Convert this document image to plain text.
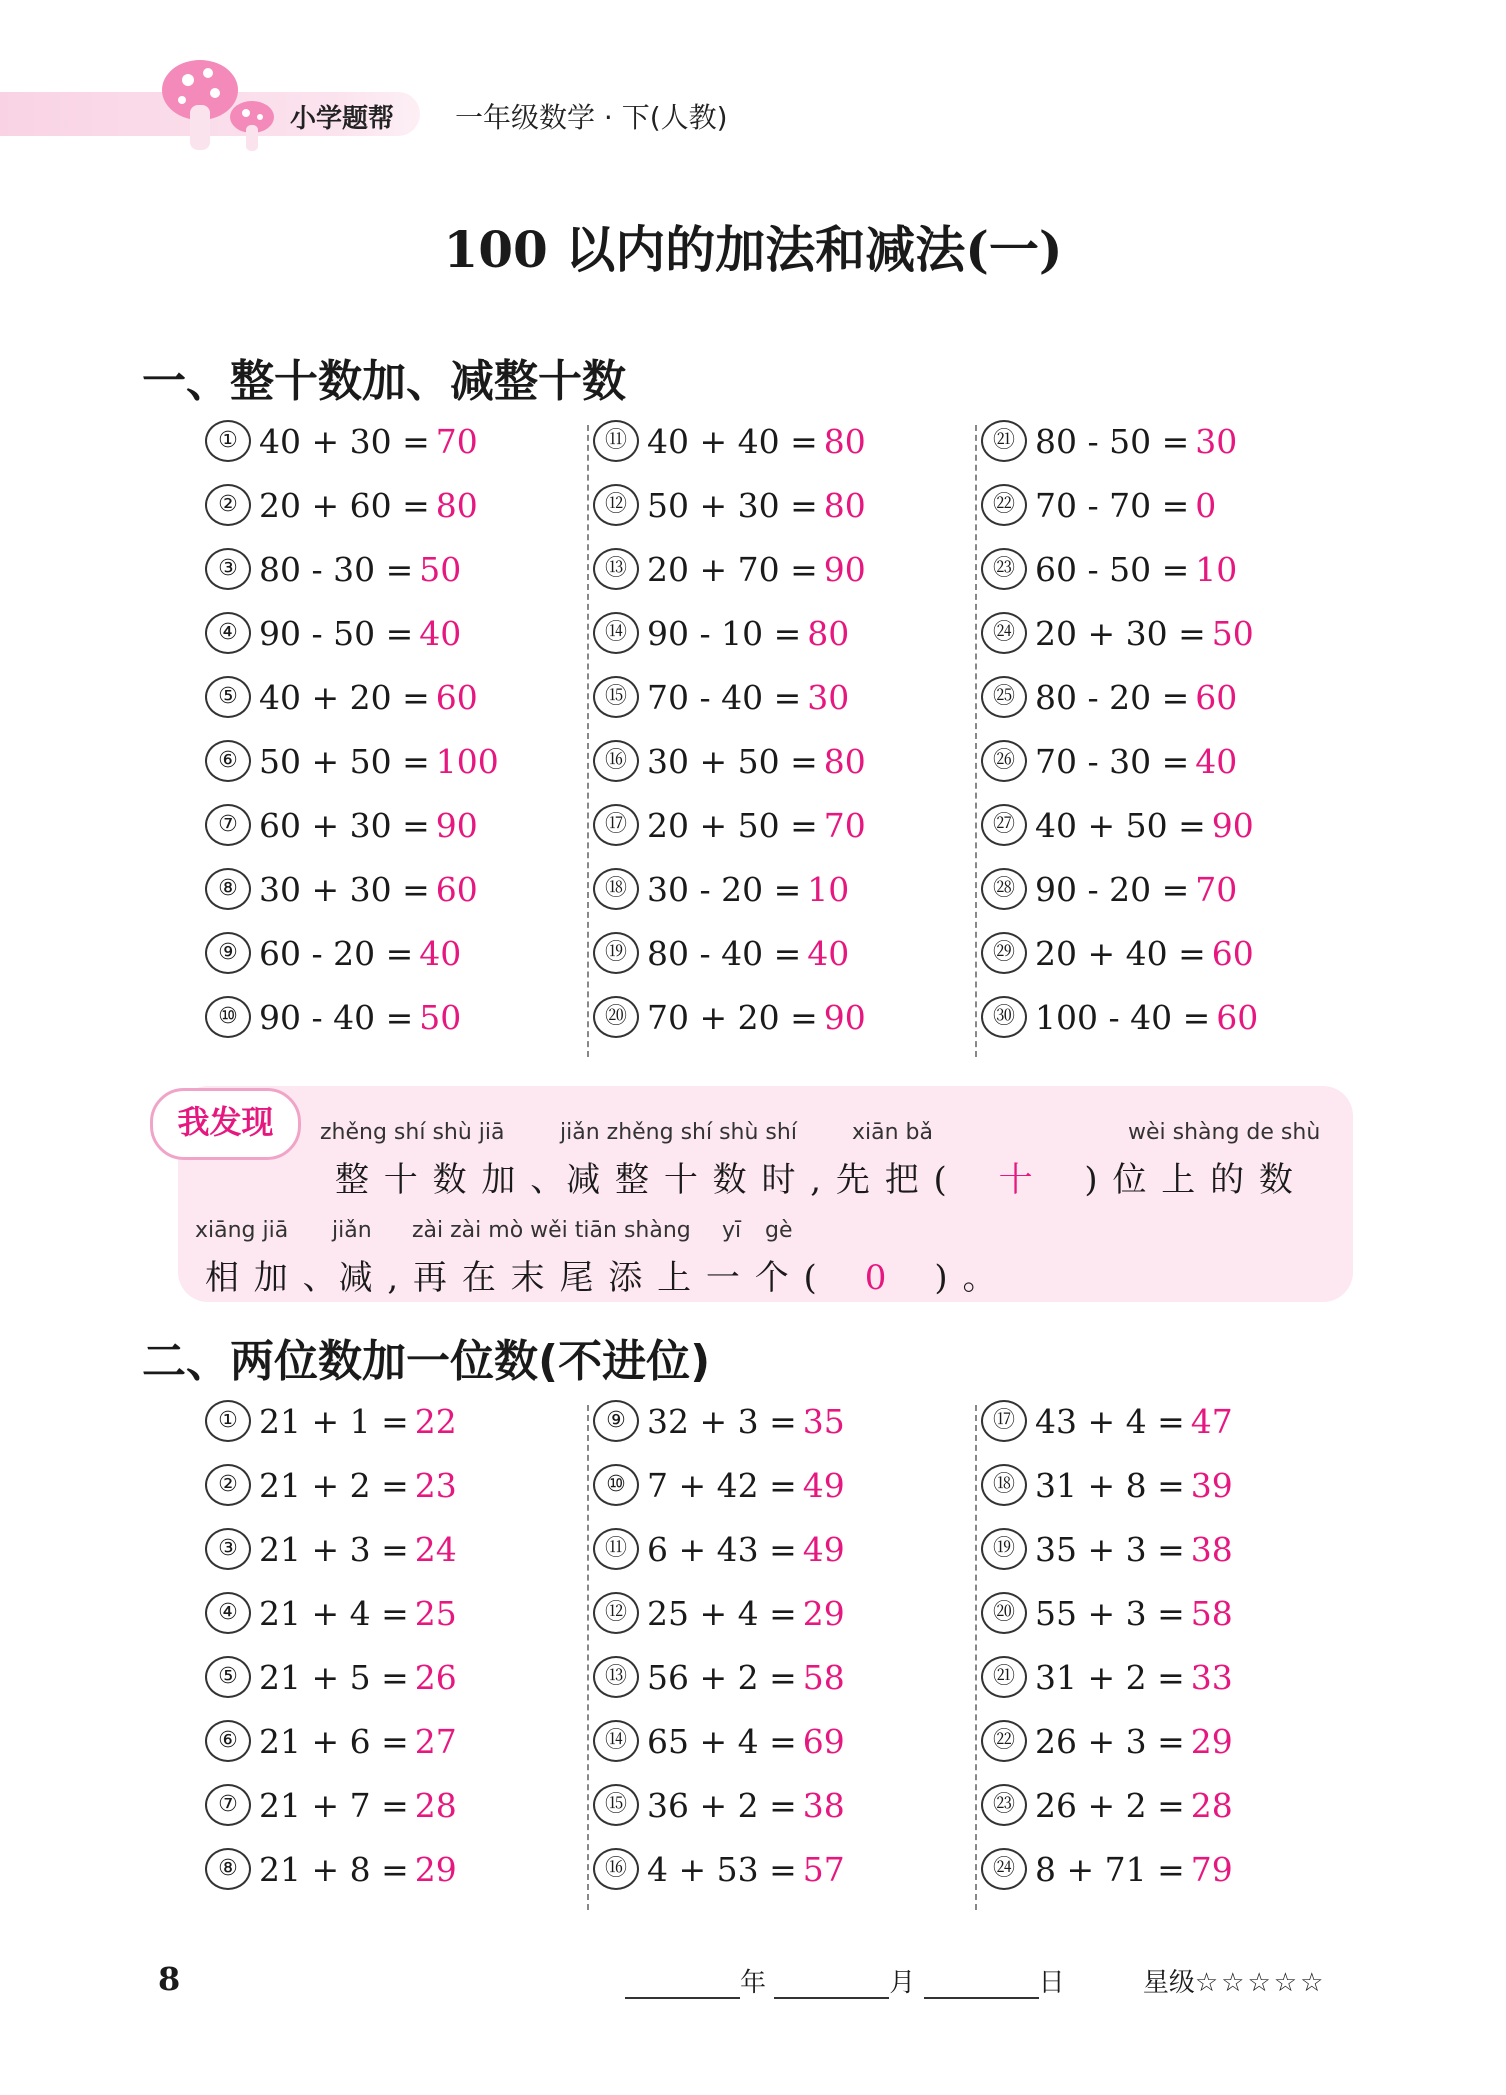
小学题帮 一年级数学 · 下(人教)
100 以内的加法和减法(一)
一、整十数加、减整十数
① 40 + 30 = 70
② 20 + 60 = 80
③ 80 - 30 = 50
④ 90 - 50 = 40
⑤ 40 + 20 = 60
⑥ 50 + 50 = 100
⑦ 60 + 30 = 90
⑧ 30 + 30 = 60
⑨ 60 - 20 = 40
⑩ 90 - 40 = 50
⑪ 40 + 40 = 80
⑫ 50 + 30 = 80
⑬ 20 + 70 = 90
⑭ 90 - 10 = 80
⑮ 70 - 40 = 30
⑯ 30 + 50 = 80
⑰ 20 + 50 = 70
⑱ 30 - 20 = 10
⑲ 80 - 40 = 40
⑳ 70 + 20 = 90
㉑ 80 - 50 = 30
㉒ 70 - 70 = 0
㉓ 60 - 50 = 10
㉔ 20 + 30 = 50
㉕ 80 - 20 = 60
㉖ 70 - 30 = 40
㉗ 40 + 50 = 90
㉘ 90 - 20 = 70
㉙ 20 + 40 = 60
㉚ 100 - 40 = 60
我发现	zhěng shí shù jiā	jiǎn zhěng shí shù shí	xiān bǎ	wèi shàng de shù
整 十 数 加 、减 整 十 数 时 , 先 把 ( 十 ) 位 上 的 数
xiāng jiā jiǎn zài zài mò wěi tiān shàng yī gè
相 加 、减 , 再 在 末 尾 添 上 一 个 ( 0 ) 。
二、两位数加一位数(不进位)
① 21 + 1 = 22
② 21 + 2 = 23
③ 21 + 3 = 24
④ 21 + 4 = 25
⑤ 21 + 5 = 26
⑥ 21 + 6 = 27
⑦ 21 + 7 = 28
⑧ 21 + 8 = 29
⑨ 32 + 3 = 35
⑩ 7 + 42 = 49
⑪ 6 + 43 = 49
⑫ 25 + 4 = 29
⑬ 56 + 2 = 58
⑭ 65 + 4 = 69
⑮ 36 + 2 = 38
⑯ 4 + 53 = 57
⑰ 43 + 4 = 47
⑱ 31 + 8 = 39
⑲ 35 + 3 = 38
⑳ 55 + 3 = 58
㉑ 31 + 2 = 33
㉒ 26 + 3 = 29
㉓ 26 + 2 = 28
㉔ 8 + 71 = 79
8	年	月	日	星级☆☆☆☆☆
